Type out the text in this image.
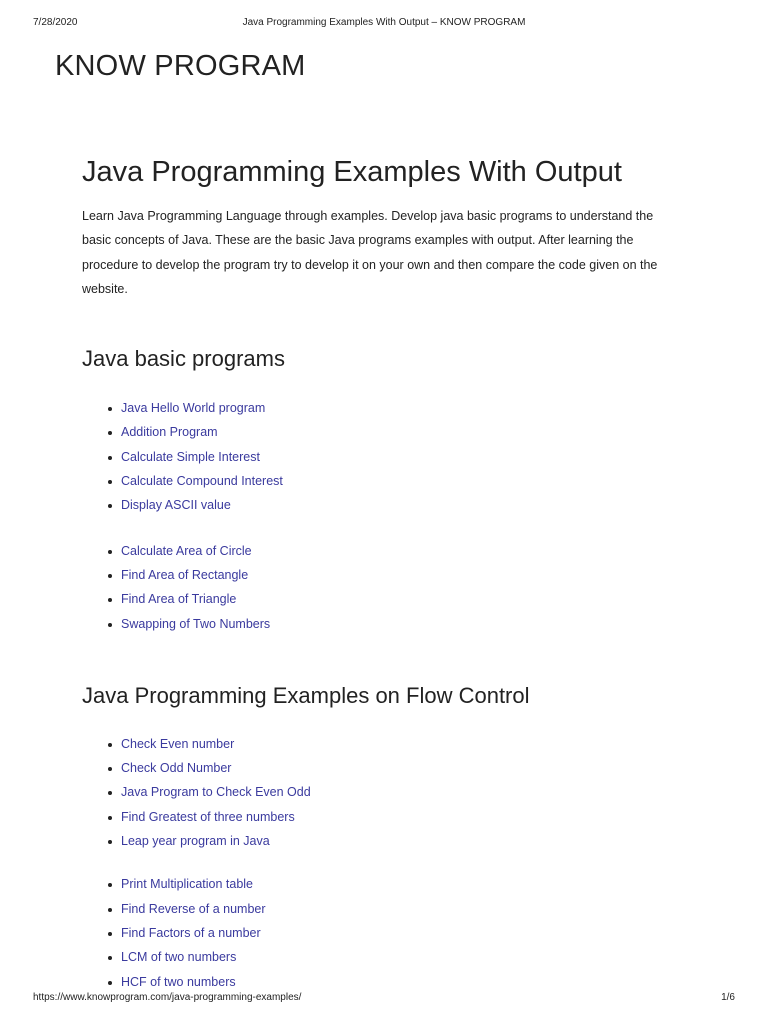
7/28/2020	Java Programming Examples With Output – KNOW PROGRAM
KNOW PROGRAM
Java Programming Examples With Output

Learn Java Programming Language through examples. Develop java basic programs to understand the basic concepts of Java. These are the basic Java programs examples with output. After learning the procedure to develop the program try to develop it on your own and then compare the code given on the website.

Java basic programs
Java Hello World program
Addition Program
Calculate Simple Interest
Calculate Compound Interest
Display ASCII value
Calculate Area of Circle
Find Area of Rectangle
Find Area of Triangle
Swapping of Two Numbers
Java Programming Examples on Flow Control
Check Even number
Check Odd Number
Java Program to Check Even Odd
Find Greatest of three numbers
Leap year program in Java
Print Multiplication table
Find Reverse of a number
Find Factors of a number
LCM of two numbers
HCF of two numbers
https://www.knowprogram.com/java-programming-examples/	1/6
